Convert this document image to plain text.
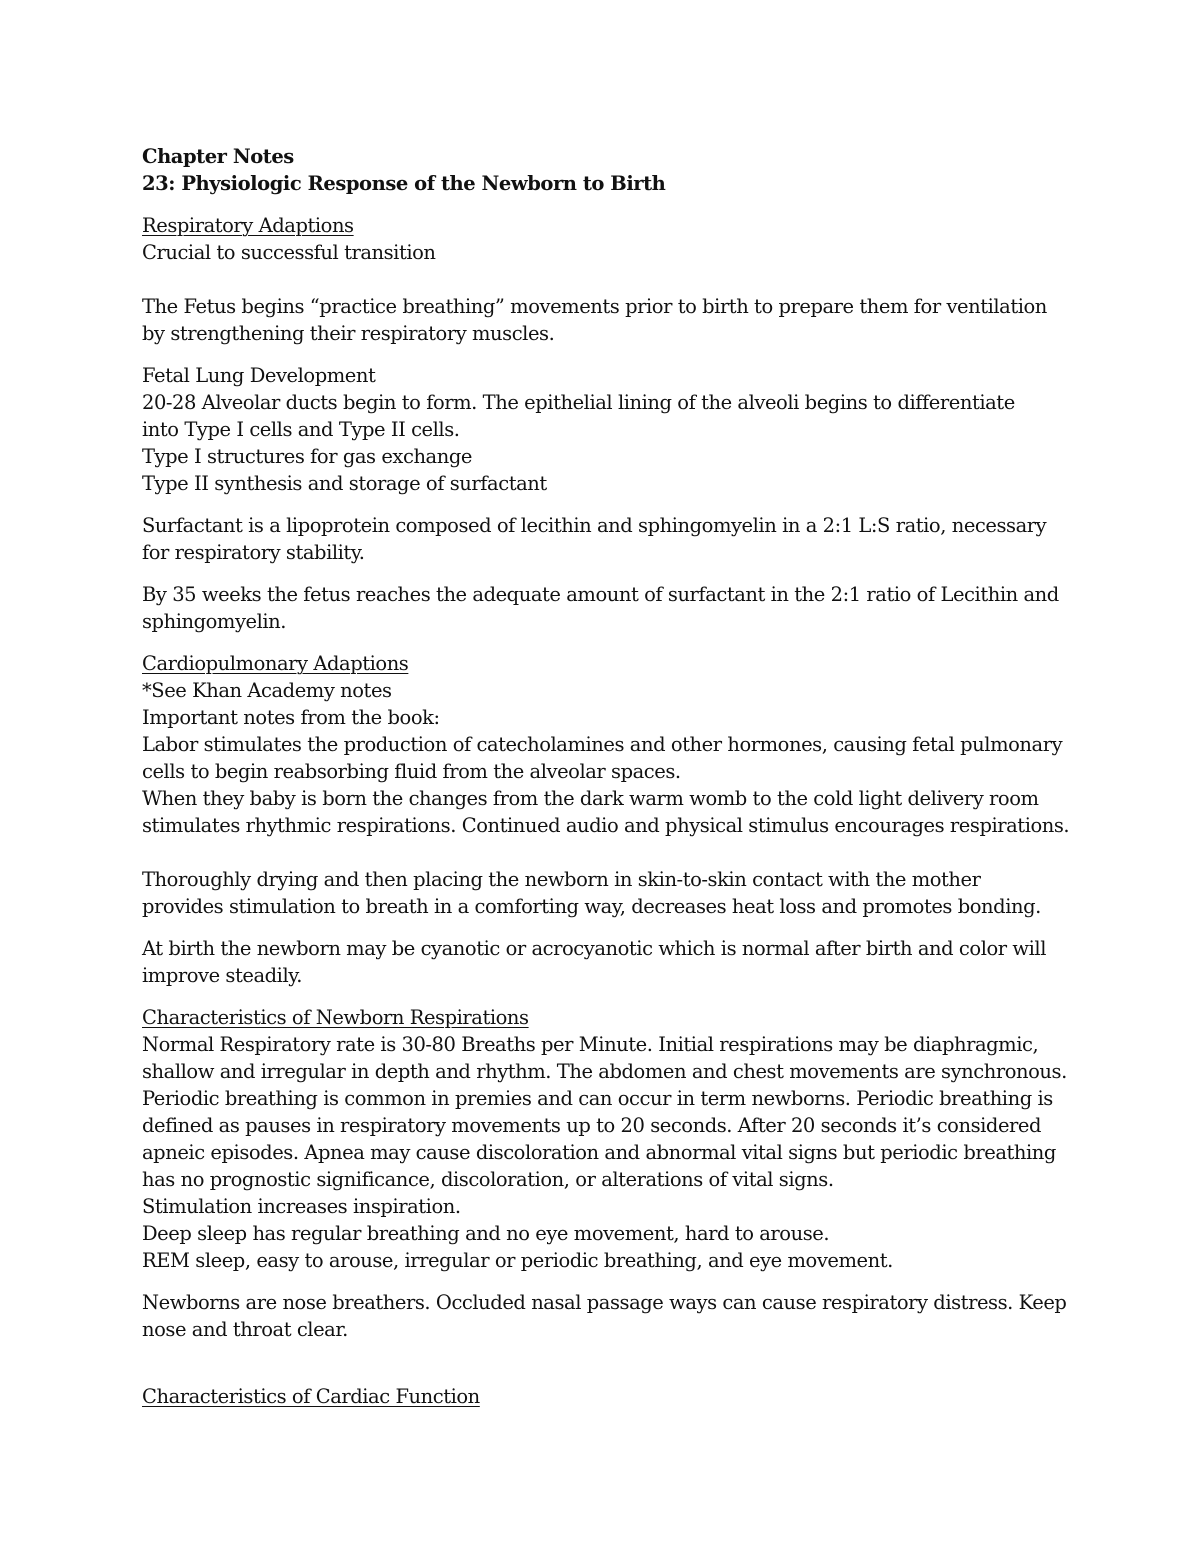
Chapter Notes
23: Physiologic Response of the Newborn to Birth
Respiratory Adaptions
Crucial to successful transition
The Fetus begins “practice breathing” movements prior to birth to prepare them for ventilation
by strengthening their respiratory muscles.
Fetal Lung Development
20-28 Alveolar ducts begin to form. The epithelial lining of the alveoli begins to differentiate
into Type I cells and Type II cells.
Type I structures for gas exchange
Type II synthesis and storage of surfactant
Surfactant is a lipoprotein composed of lecithin and sphingomyelin in a 2:1 L:S ratio, necessary
for respiratory stability.
By 35 weeks the fetus reaches the adequate amount of surfactant in the 2:1 ratio of Lecithin and
sphingomyelin.
Cardiopulmonary Adaptions
*See Khan Academy notes
Important notes from the book:
Labor stimulates the production of catecholamines and other hormones, causing fetal pulmonary
cells to begin reabsorbing fluid from the alveolar spaces.
When they baby is born the changes from the dark warm womb to the cold light delivery room
stimulates rhythmic respirations. Continued audio and physical stimulus encourages respirations.
Thoroughly drying and then placing the newborn in skin-to-skin contact with the mother
provides stimulation to breath in a comforting way, decreases heat loss and promotes bonding.
At birth the newborn may be cyanotic or acrocyanotic which is normal after birth and color will
improve steadily.
Characteristics of Newborn Respirations
Normal Respiratory rate is 30-80 Breaths per Minute. Initial respirations may be diaphragmic,
shallow and irregular in depth and rhythm. The abdomen and chest movements are synchronous.
Periodic breathing is common in premies and can occur in term newborns. Periodic breathing is
defined as pauses in respiratory movements up to 20 seconds. After 20 seconds it’s considered
apneic episodes. Apnea may cause discoloration and abnormal vital signs but periodic breathing
has no prognostic significance, discoloration, or alterations of vital signs.
Stimulation increases inspiration.
Deep sleep has regular breathing and no eye movement, hard to arouse.
REM sleep, easy to arouse, irregular or periodic breathing, and eye movement.
Newborns are nose breathers. Occluded nasal passage ways can cause respiratory distress. Keep
nose and throat clear.
Characteristics of Cardiac Function
